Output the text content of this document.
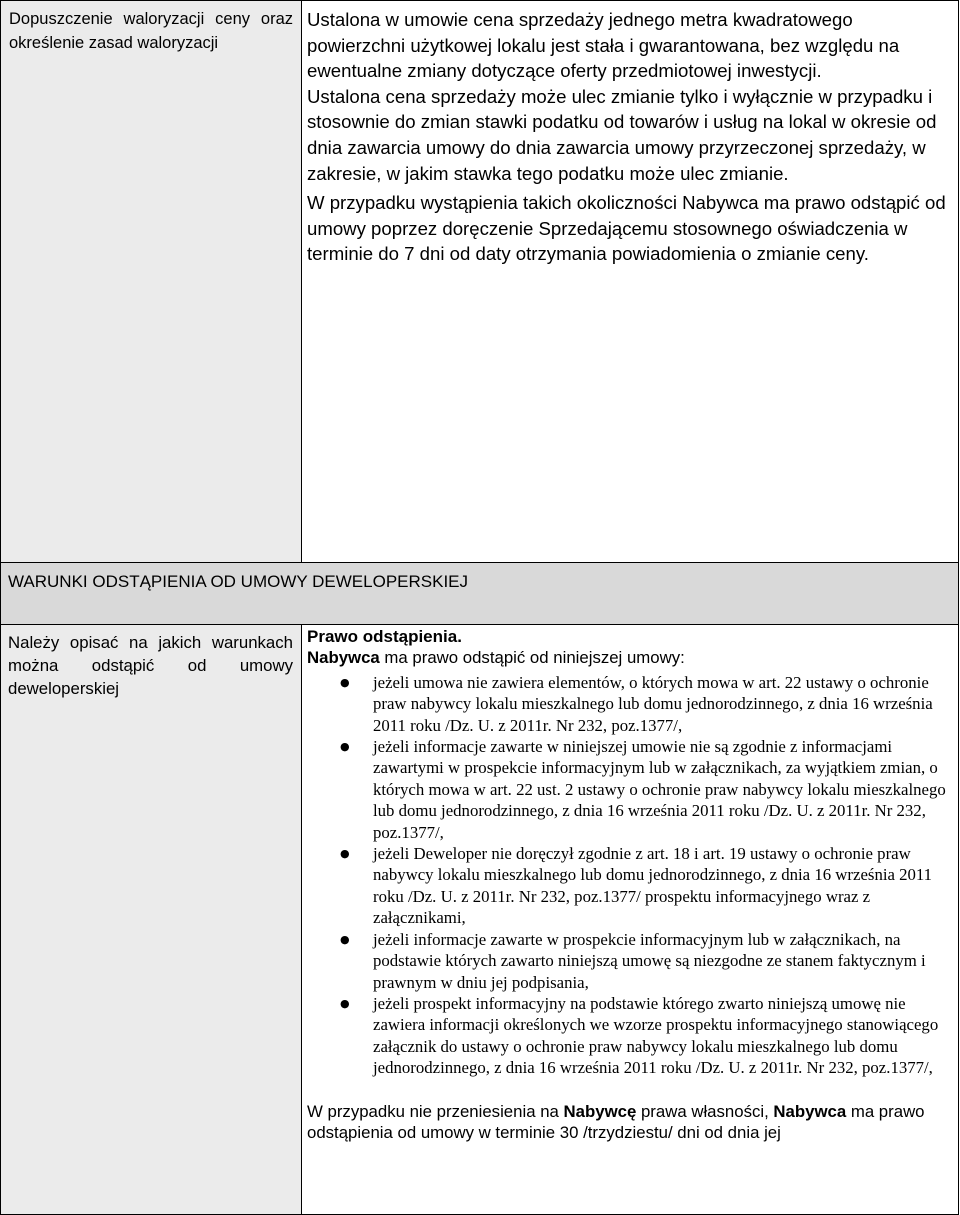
Dopuszczenie waloryzacji ceny oraz określenie zasad waloryzacji

Ustalona w umowie cena sprzedaży jednego metra kwadratowego powierzchni użytkowej lokalu jest stała i gwarantowana, bez względu na ewentualne zmiany dotyczące oferty przedmiotowej inwestycji.

Ustalona cena sprzedaży może ulec zmianie tylko i wyłącznie w przypadku i stosownie do zmian stawki podatku od towarów i usług na lokal w okresie od dnia zawarcia umowy do dnia zawarcia umowy przyrzeczonej sprzedaży, w zakresie, w jakim stawka tego podatku może ulec zmianie.

W przypadku wystąpienia takich okoliczności Nabywca ma prawo odstąpić od umowy poprzez doręczenie Sprzedającemu stosownego oświadczenia w terminie do 7 dni od daty otrzymania powiadomienia o zmianie ceny.

WARUNKI ODSTĄPIENIA OD UMOWY DEWELOPERSKIEJ
Należy opisać na jakich warunkach można odstąpić od umowy deweloperskiej
Prawo odstąpienia.
Nabywca ma prawo odstąpić od niniejszej umowy:
● jeżeli umowa nie zawiera elementów, o których mowa w art. 22 ustawy o ochronie praw nabywcy lokalu mieszkalnego lub domu jednorodzinnego, z dnia 16 września 2011 roku /Dz. U. z 2011r. Nr 232, poz.1377/,
● jeżeli informacje zawarte w niniejszej umowie nie są zgodnie z informacjami zawartymi w prospekcie informacyjnym lub w załącznikach, za wyjątkiem zmian, o których mowa w art. 22 ust. 2 ustawy o ochronie praw nabywcy lokalu mieszkalnego lub domu jednorodzinnego, z dnia 16 września 2011 roku /Dz. U. z 2011r. Nr 232, poz.1377/,
● jeżeli Deweloper nie doręczył zgodnie z art. 18 i art. 19 ustawy o ochronie praw nabywcy lokalu mieszkalnego lub domu jednorodzinnego, z dnia 16 września 2011 roku /Dz. U. z 2011r. Nr 232, poz.1377/ prospektu informacyjnego wraz z załącznikami,
● jeżeli informacje zawarte w prospekcie informacyjnym lub w załącznikach, na podstawie których zawarto niniejszą umowę są niezgodne ze stanem faktycznym i prawnym w dniu jej podpisania,
● jeżeli prospekt informacyjny na podstawie którego zwarto niniejszą umowę nie zawiera informacji określonych we wzorze prospektu informacyjnego stanowiącego załącznik do ustawy o ochronie praw nabywcy lokalu mieszkalnego lub domu jednorodzinnego, z dnia 16 września 2011 roku /Dz. U. z 2011r. Nr 232, poz.1377/,
W przypadku nie przeniesienia na Nabywcę prawa własności, Nabywca ma prawo odstąpienia od umowy w terminie 30 /trzydziestu/ dni od dnia jej
